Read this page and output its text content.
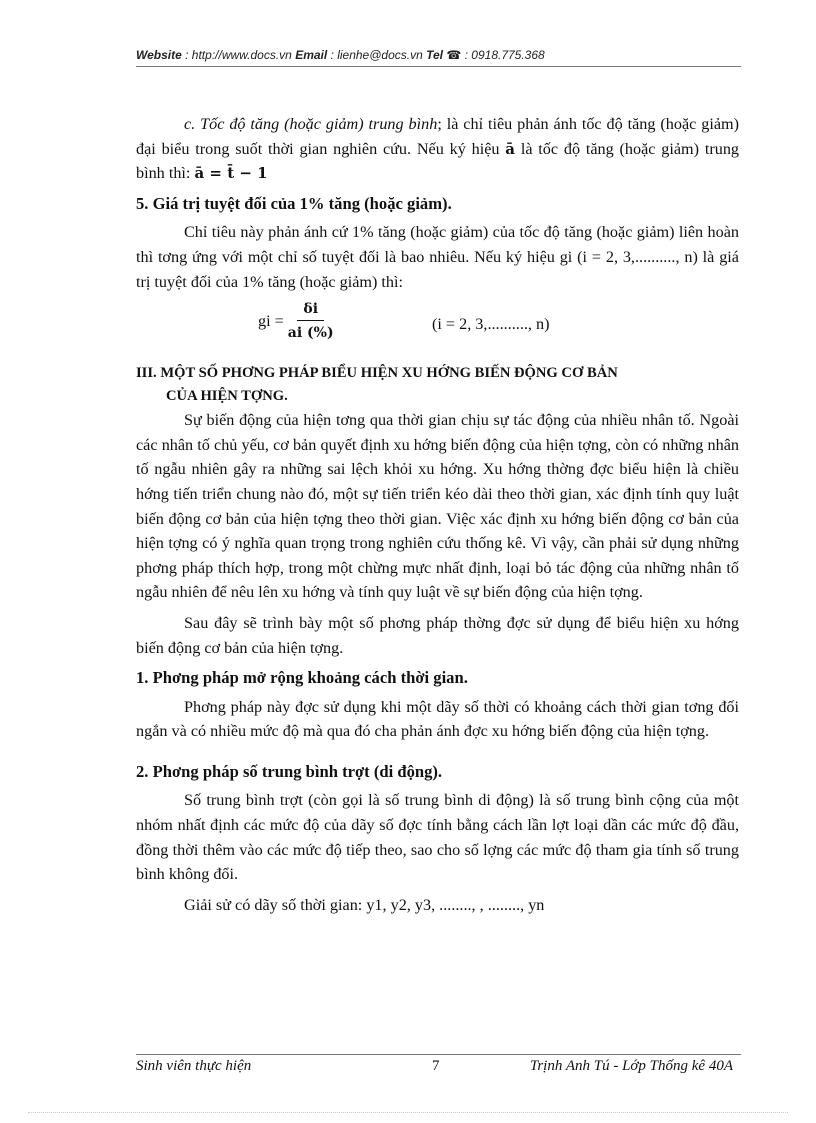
Website : http://www.docs.vn Email : lienhe@docs.vn Tel ☎ : 0918.775.368

c. Tốc độ tăng (hoặc giảm) trung bình; là chỉ tiêu phản ánh tốc độ tăng (hoặc giảm) đại biểu trong suốt thời gian nghiên cứu. Nếu ký hiệu ā là tốc độ tăng (hoặc giảm) trung bình thì: ā = t̄ − 1

5. Giá trị tuyệt đối của 1% tăng (hoặc giảm).

Chỉ tiêu này phản ánh cứ 1% tăng (hoặc giảm) của tốc độ tăng (hoặc giảm) liên hoàn thì tơng ứng với một chỉ số tuyệt đối là bao nhiêu. Nếu ký hiệu gi (i = 2, 3,.........., n) là giá trị tuyệt đối của 1% tăng (hoặc giảm) thì:

gi = $\frac{\delta i}{ai (\%)}$	(i = 2, 3,.........., n)

III. MỘT SỐ PHƠNG PHÁP BIỂU HIỆN XU HỚNG BIẾN ĐỘNG CƠ BẢN
CỦA HIỆN TỢNG.

Sự biến động của hiện tơng qua thời gian chịu sự tác động của nhiều nhân tố. Ngoài các nhân tố chủ yếu, cơ bản quyết định xu hớng biến động của hiện tợng, còn có những nhân tố ngẫu nhiên gây ra những sai lệch khỏi xu hớng. Xu hớng thờng đợc biểu hiện là chiều hớng tiến triển chung nào đó, một sự tiến triển kéo dài theo thời gian, xác định tính quy luật biến động cơ bản của hiện tợng theo thời gian. Việc xác định xu hớng biến động cơ bản của hiện tợng có ý nghĩa quan trọng trong nghiên cứu thống kê. Vì vậy, cần phải sử dụng những phơng pháp thích hợp, trong một chừng mực nhất định, loại bỏ tác động của những nhân tố ngẫu nhiên để nêu lên xu hớng và tính quy luật về sự biến động của hiện tợng.

Sau đây sẽ trình bày một số phơng pháp thờng đợc sử dụng để biểu hiện xu hớng biến động cơ bản của hiện tợng.

1. Phơng pháp mở rộng khoảng cách thời gian.

Phơng pháp này đợc sử dụng khi một dãy số thời có khoảng cách thời gian tơng đối ngắn và có nhiều mức độ mà qua đó cha phản ánh đợc xu hớng biến động của hiện tợng.

2. Phơng pháp số trung bình trợt (di động).

Số trung bình trợt (còn gọi là số trung bình di động) là số trung bình cộng của một nhóm nhất định các mức độ của dãy số đợc tính bằng cách lần lợt loại dần các mức độ đầu, đồng thời thêm vào các mức độ tiếp theo, sao cho số lợng các mức độ tham gia tính số trung bình không đổi.

Giải sử có dãy số thời gian: y1, y2, y3, ........, , ........, yn

Sinh viên thực hiện	7	Trịnh Anh Tú - Lớp Thống kê 40A
